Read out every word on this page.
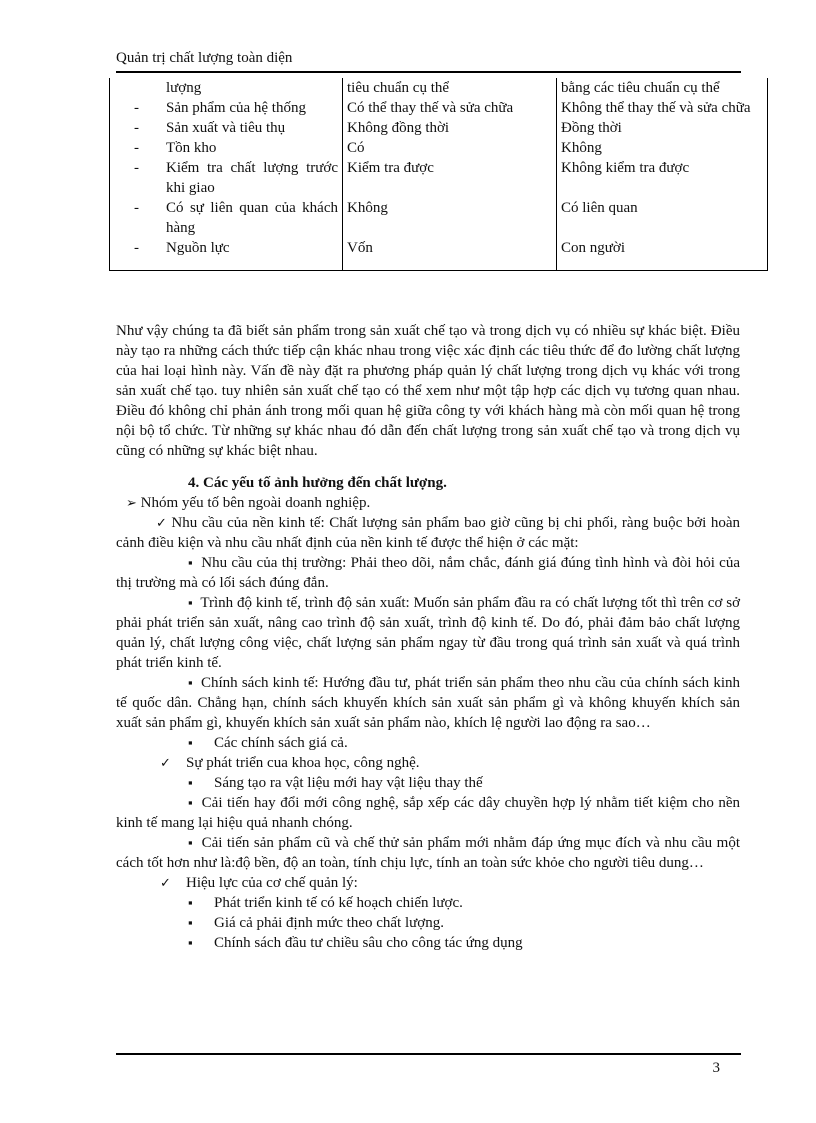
Quản trị chất lượng toàn diện
lượng	tiêu chuẩn cụ thể	bằng các tiêu chuẩn cụ thể

- Sản phẩm của hệ thống	Có thể thay thế và sửa chữa	Không thể thay thế và sửa chữa

- Sản xuất và tiêu thụ	Không đồng thời	Đồng thời

- Tồn kho	Có	Không

- Kiểm tra chất lượng trước khi giao	Kiểm tra được	Không kiểm tra được

- Có sự liên quan của khách hàng	Không	Có liên quan

- Nguồn lực	Vốn	Con người

Như vậy chúng ta đã biết sản phẩm trong sản xuất chế tạo và trong dịch vụ có nhiều sự khác biệt. Điều này tạo ra những cách thức tiếp cận khác nhau trong việc xác định các tiêu thức để đo lường chất lượng của hai loại hình này. Vấn đề này đặt ra phương pháp quản lý chất lượng trong dịch vụ khác với trong sản xuất chế tạo. tuy nhiên sản xuất chế tạo có thể xem như một tập hợp các dịch vụ tương quan nhau. Điều đó không chỉ phản ánh trong mối quan hệ giữa công ty với khách hàng mà còn mối quan hệ trong nội bộ tổ chức. Từ những sự khác nhau đó dẫn đến chất lượng trong sản xuất chế tạo và trong dịch vụ cũng có những sự khác biệt nhau.

4. Các yếu tố ảnh hưởng đến chất lượng.

➢ Nhóm yếu tố bên ngoài doanh nghiệp.

✓ Nhu cầu của nền kinh tế: Chất lượng sản phẩm bao giờ cũng bị chi phối, ràng buộc bởi hoàn cảnh điều kiện và nhu cầu nhất định của nền kinh tế được thể hiện ở các mặt:

▪ Nhu cầu của thị trường: Phải theo dõi, nắm chắc, đánh giá đúng tình hình và đòi hỏi của thị trường mà có lối sách đúng đắn.

▪ Trình độ kinh tế, trình độ sản xuất: Muốn sản phẩm đầu ra có chất lượng tốt thì trên cơ sở phải phát triển sản xuất, nâng cao trình độ sản xuất, trình độ kinh tế. Do đó, phải đảm bảo chất lượng quản lý, chất lượng công việc, chất lượng sản phẩm ngay từ đầu trong quá trình sản xuất và quá trình phát triển kinh tế.

▪ Chính sách kinh tế: Hướng đầu tư, phát triển sản phẩm theo nhu cầu của chính sách kinh tế quốc dân. Chẳng hạn, chính sách khuyến khích sản xuất sản phẩm gì và không khuyến khích sản xuất sản phẩm gì, khuyến khích sản xuất sản phẩm nào, khích lệ người lao động ra sao…

▪	Các chính sách giá cả.

✓	Sự phát triển cua khoa học, công nghệ.

▪	Sáng tạo ra vật liệu mới hay vật liệu thay thế

▪ Cải tiến hay đổi mới công nghệ, sắp xếp các dây chuyền hợp lý nhằm tiết kiệm cho nền kinh tế mang lại hiệu quả nhanh chóng.

▪ Cải tiến sản phẩm cũ và chế thử sản phẩm mới nhằm đáp ứng mục đích và nhu cầu một cách tốt hơn như là:độ bền, độ an toàn, tính chịu lực, tính an toàn sức khỏe cho người tiêu dung…

✓	Hiệu lực của cơ chế quản lý:

▪	Phát triển kinh tế có kế hoạch chiến lược.

▪	Giá cả phải định mức theo chất lượng.

▪	Chính sách đầu tư chiều sâu cho công tác ứng dụng

3
